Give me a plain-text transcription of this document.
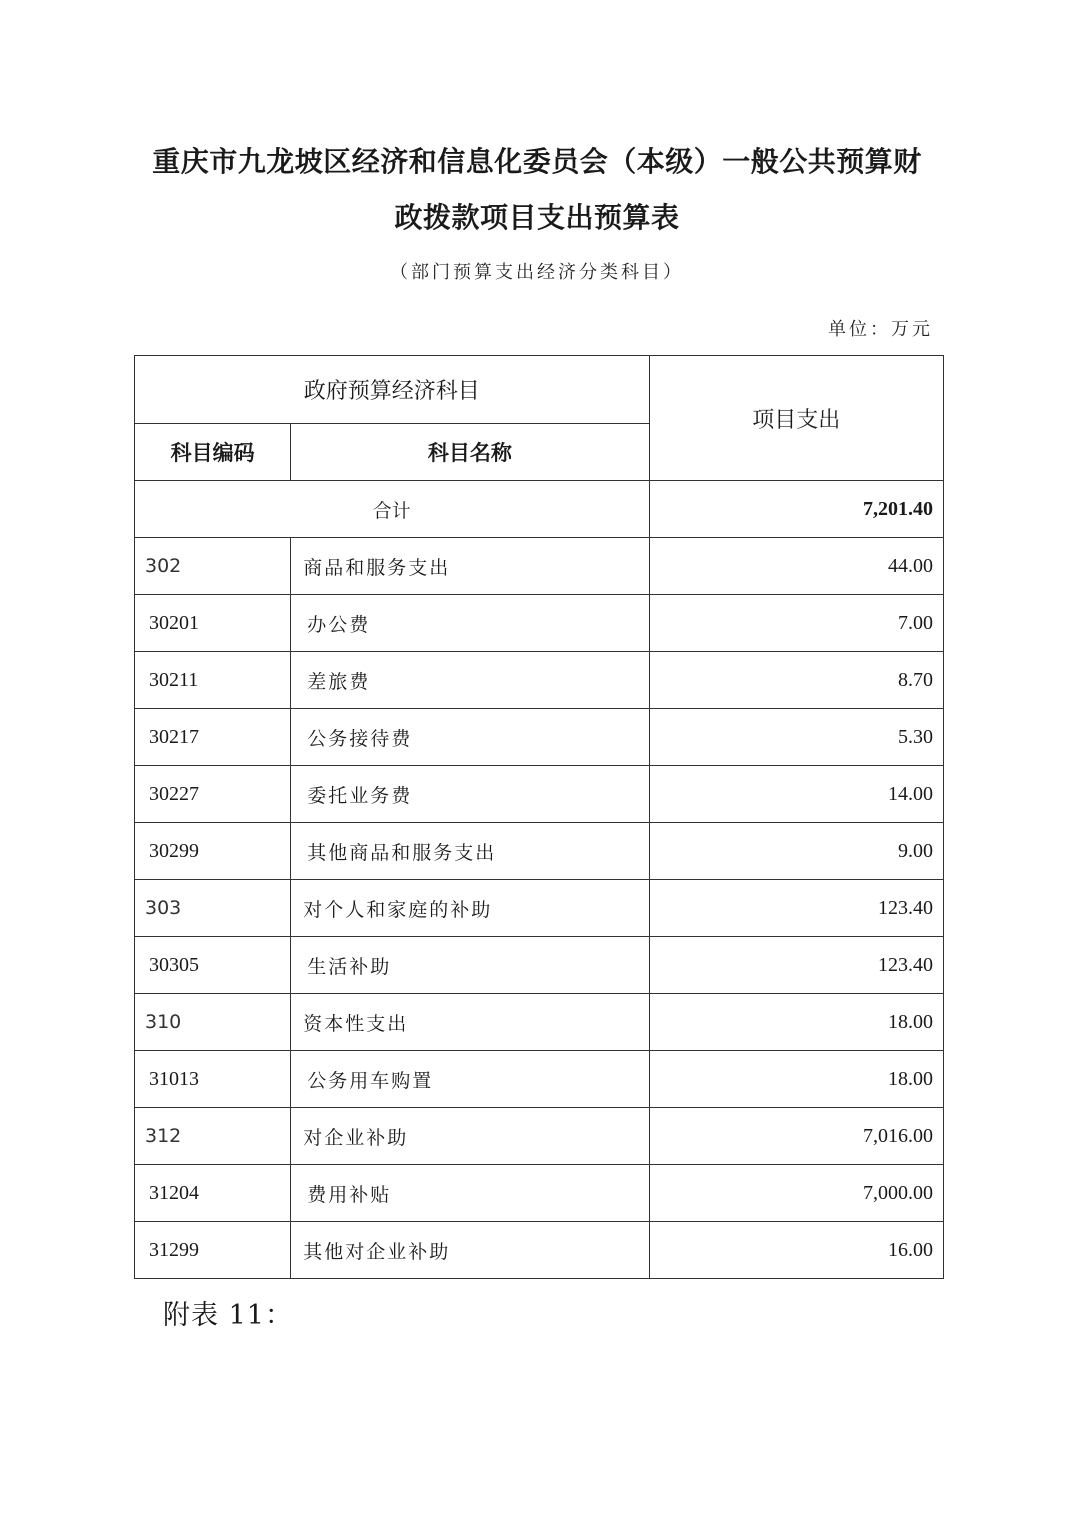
重庆市九龙坡区经济和信息化委员会（本级）一般公共预算财
政拨款项目支出预算表
（部门预算支出经济分类科目）
单位：万元
政府预算经济科目		项目支出
科目编码	科目名称	
合计		7,201.40
302	商品和服务支出	44.00
30201	办公费	7.00
30211	差旅费	8.70
30217	公务接待费	5.30
30227	委托业务费	14.00
30299	其他商品和服务支出	9.00
303	对个人和家庭的补助	123.40
30305	生活补助	123.40
310	资本性支出	18.00
31013	公务用车购置	18.00
312	对企业补助	7,016.00
31204	费用补贴	7,000.00
31299	其他对企业补助	16.00
附表 11：
